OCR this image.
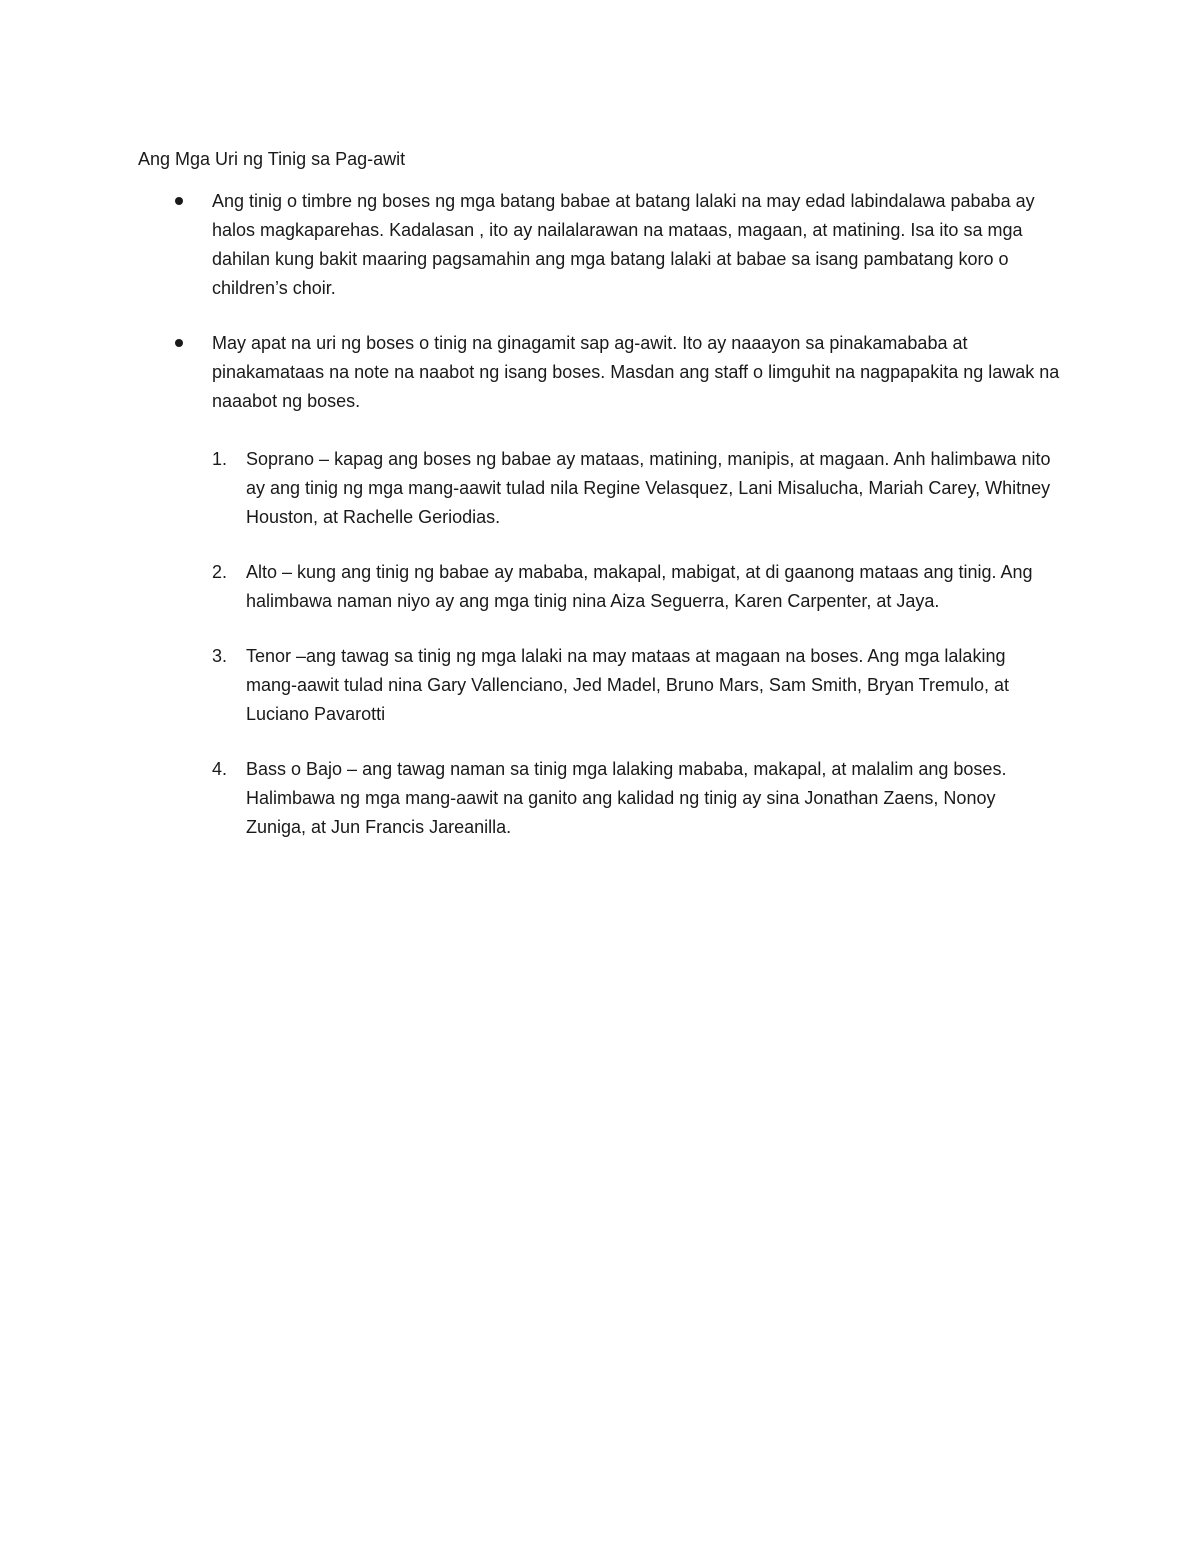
Ang Mga Uri ng Tinig sa Pag-awit
Ang tinig o timbre ng boses ng mga batang babae at batang lalaki na may edad labindalawa pababa ay halos magkaparehas. Kadalasan , ito ay nailalarawan na mataas, magaan, at matining. Isa ito sa mga dahilan kung bakit maaring pagsamahin ang mga batang lalaki at babae sa isang pambatang koro o children’s choir.
May apat na uri ng boses o tinig na ginagamit sap ag-awit. Ito ay naaayon sa pinakamababa at pinakamataas na note na naabot ng isang boses. Masdan ang staff o limguhit na nagpapakita ng lawak na naaabot ng boses.
1. Soprano – kapag ang boses ng babae ay mataas, matining, manipis, at magaan. Anh halimbawa nito ay ang tinig ng mga mang-aawit tulad nila Regine Velasquez, Lani Misalucha, Mariah Carey, Whitney Houston, at Rachelle Geriodias.
2. Alto – kung ang tinig ng babae ay mababa, makapal, mabigat, at di gaanong mataas ang tinig. Ang halimbawa naman niyo ay ang mga tinig nina Aiza Seguerra, Karen Carpenter, at Jaya.
3. Tenor –ang tawag sa tinig ng mga lalaki na may mataas at magaan na boses. Ang mga lalaking mang-aawit tulad nina Gary Vallenciano, Jed Madel, Bruno Mars, Sam Smith, Bryan Tremulo, at Luciano Pavarotti
4. Bass o Bajo – ang tawag naman sa tinig mga lalaking mababa, makapal, at malalim ang boses. Halimbawa ng mga mang-aawit na ganito ang kalidad ng tinig ay sina Jonathan Zaens, Nonoy Zuniga, at Jun Francis Jareanilla.
